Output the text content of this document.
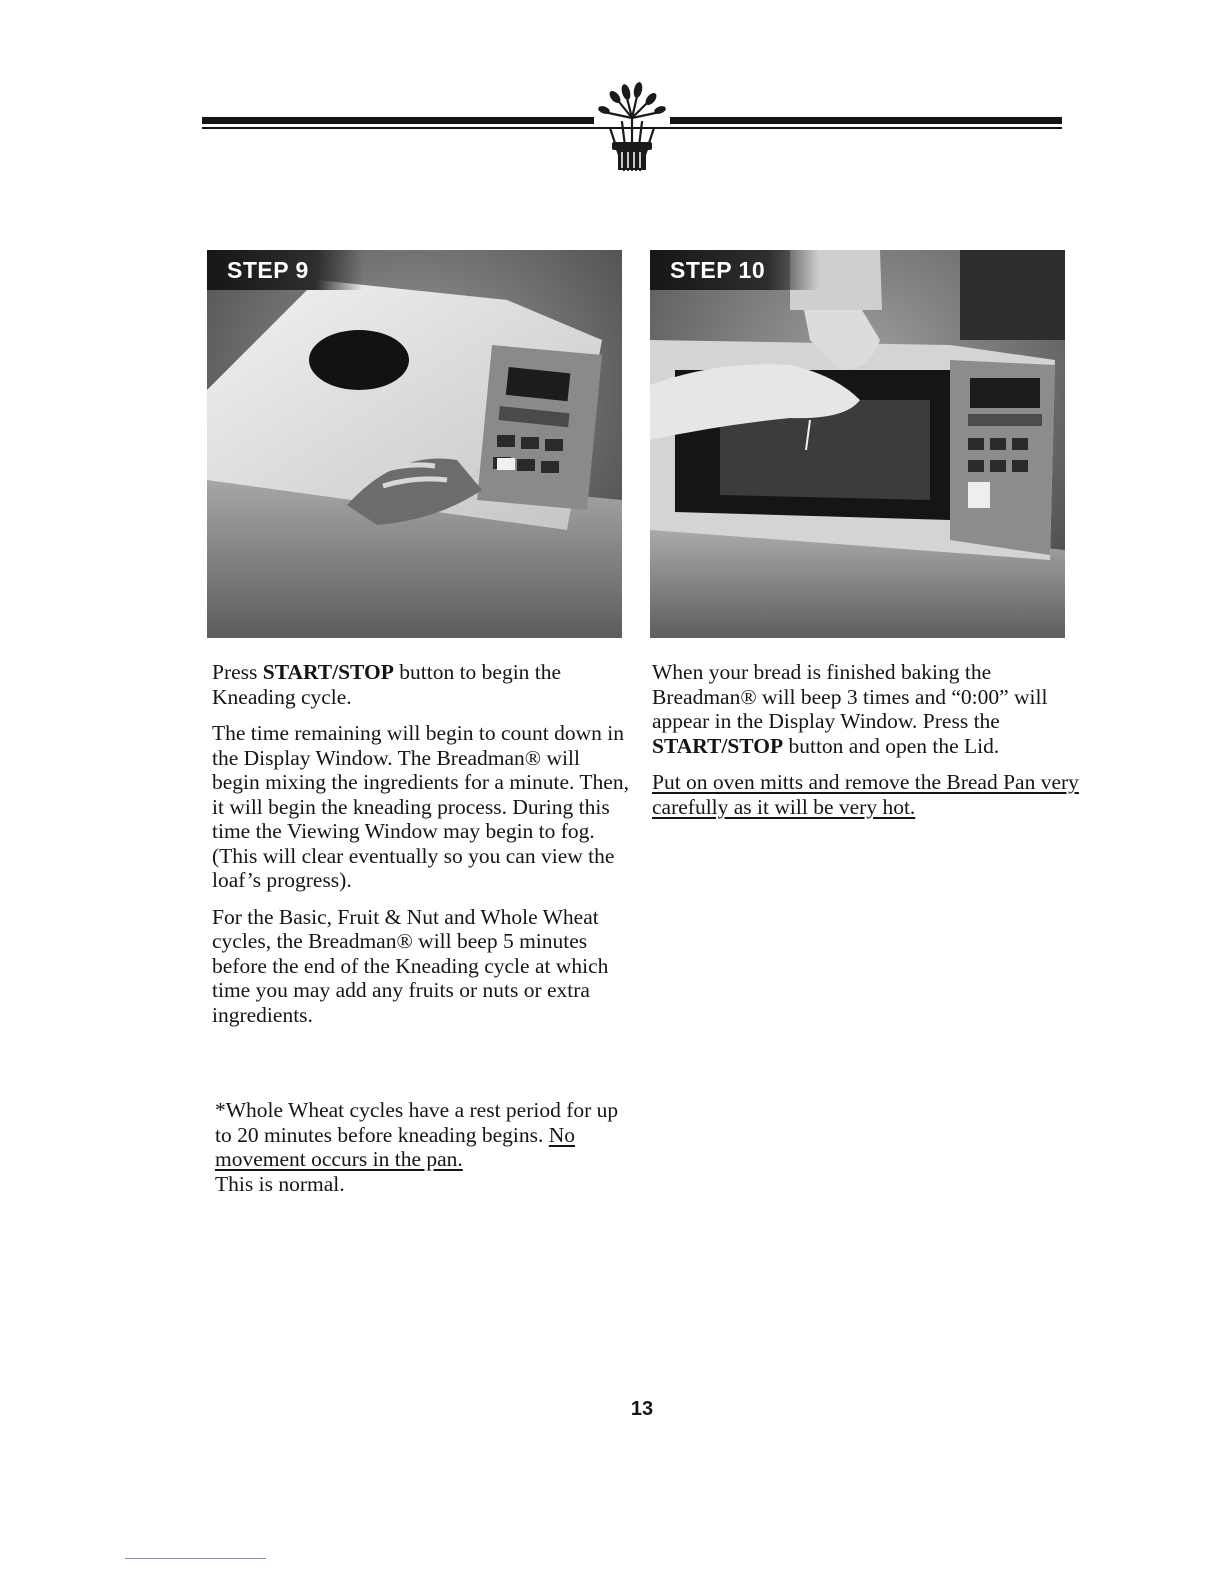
STEP 9	STEP 10

Press START/STOP button to begin the Kneading cycle.

The time remaining will begin to count down in the Display Window. The Breadman® will begin mixing the ingredients for a minute. Then, it will begin the kneading process. During this time the Viewing Window may begin to fog. (This will clear eventually so you can view the loaf’s progress).

For the Basic, Fruit & Nut and Whole Wheat cycles, the Breadman® will beep 5 minutes before the end of the Kneading cycle at which time you may add any fruits or nuts or extra ingredients.

*Whole Wheat cycles have a rest period for up to 20 minutes before kneading begins. No movement occurs in the pan.
This is normal.

When your bread is finished baking the Breadman® will beep 3 times and “0:00” will appear in the Display Window. Press the START/STOP button and open the Lid.

Put on oven mitts and remove the Bread Pan very carefully as it will be very hot.

13
